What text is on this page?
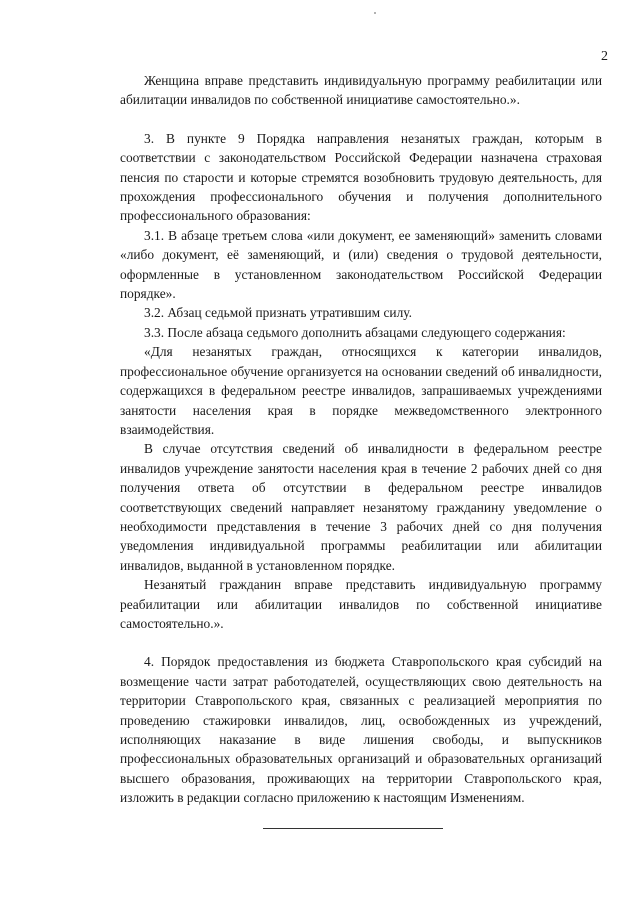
2

Женщина вправе представить индивидуальную программу реабилитации или абилитации инвалидов по собственной инициативе самостоятельно.».

3. В пункте 9 Порядка направления незанятых граждан, которым в соответствии с законодательством Российской Федерации назначена страховая пенсия по старости и которые стремятся возобновить трудовую деятельность, для прохождения профессионального обучения и получения дополнительного профессионального образования:

3.1. В абзаце третьем слова «или документ, ее заменяющий» заменить словами «либо документ, её заменяющий, и (или) сведения о трудовой деятельности, оформленные в установленном законодательством Российской Федерации порядке».

3.2. Абзац седьмой признать утратившим силу.

3.3. После абзаца седьмого дополнить абзацами следующего содержания:

«Для незанятых граждан, относящихся к категории инвалидов, профессиональное обучение организуется на основании сведений об инвалидности, содержащихся в федеральном реестре инвалидов, запрашиваемых учреждениями занятости населения края в порядке межведомственного электронного взаимодействия.

В случае отсутствия сведений об инвалидности в федеральном реестре инвалидов учреждение занятости населения края в течение 2 рабочих дней со дня получения ответа об отсутствии в федеральном реестре инвалидов соответствующих сведений направляет незанятому гражданину уведомление о необходимости представления в течение 3 рабочих дней со дня получения уведомления индивидуальной программы реабилитации или абилитации инвалидов, выданной в установленном порядке.

Незанятый гражданин вправе представить индивидуальную программу реабилитации или абилитации инвалидов по собственной инициативе самостоятельно.».

4. Порядок предоставления из бюджета Ставропольского края субсидий на возмещение части затрат работодателей, осуществляющих свою деятельность на территории Ставропольского края, связанных с реализацией мероприятия по проведению стажировки инвалидов, лиц, освобожденных из учреждений, исполняющих наказание в виде лишения свободы, и выпускников профессиональных образовательных организаций и образовательных организаций высшего образования, проживающих на территории Ставропольского края, изложить в редакции согласно приложению к настоящим Изменениям.
